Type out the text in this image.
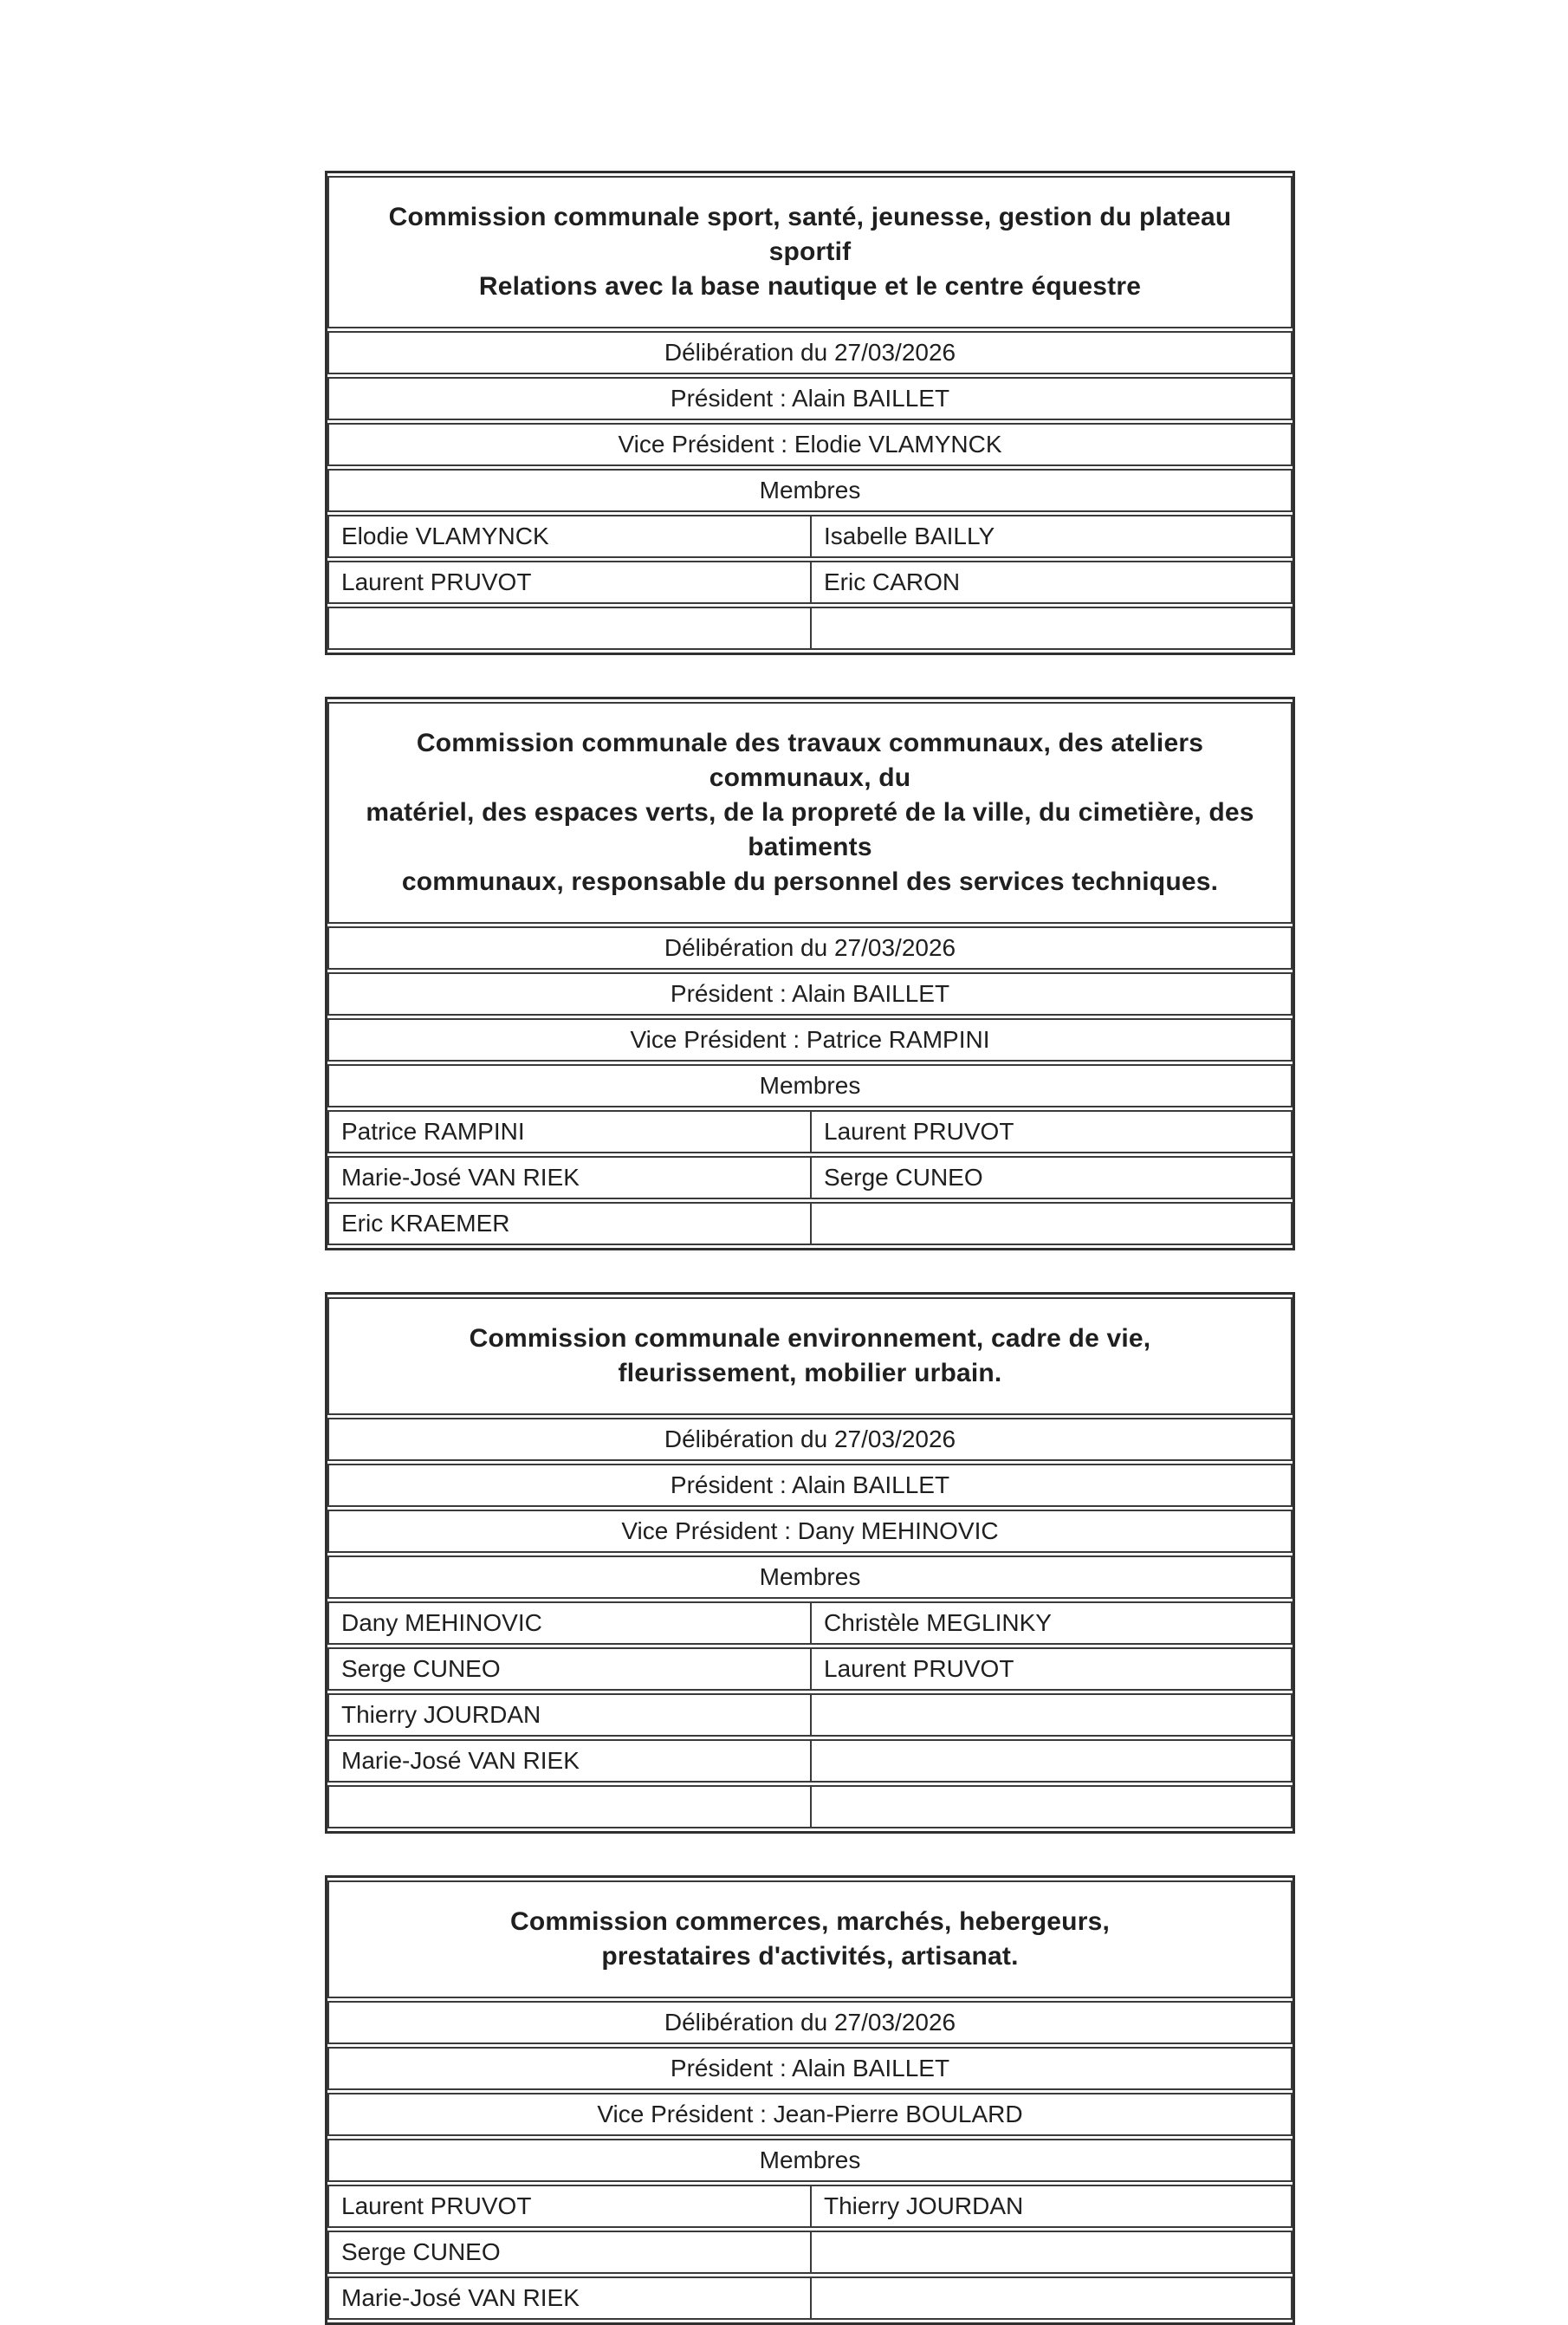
Commission communale sport, santé, jeunesse, gestion du plateau sportif
Relations avec la base nautique et le centre équestre	

Délibération du 27/03/2026	
Président : Alain BAILLET	
Vice Président : Elodie VLAMYNCK	
Membres	
Elodie VLAMYNCK	Isabelle BAILLY
Laurent PRUVOT	Eric CARON

Commission communale des travaux communaux, des ateliers communaux, du
matériel, des espaces verts, de la propreté de la ville, du cimetière, des batiments
communaux, responsable du personnel des services techniques.	

Délibération du 27/03/2026	
Président : Alain BAILLET	
Vice Président : Patrice RAMPINI	
Membres	
Patrice RAMPINI	Laurent PRUVOT
Marie-José VAN RIEK	Serge CUNEO
Eric KRAEMER	
Commission communale environnement, cadre de vie,
fleurissement, mobilier urbain.	

Délibération du 27/03/2026	
Président : Alain BAILLET	
Vice Président : Dany MEHINOVIC	
Membres	
Dany MEHINOVIC	Christèle MEGLINKY
Serge CUNEO	Laurent PRUVOT
Thierry JOURDAN	
Marie-José VAN RIEK	

Commission commerces, marchés, hebergeurs,
prestataires d'activités, artisanat.	

Délibération du 27/03/2026	
Président : Alain BAILLET	
Vice Président : Jean-Pierre BOULARD	
Membres	
Laurent PRUVOT	Thierry JOURDAN
Serge CUNEO	
Marie-José VAN RIEK	
